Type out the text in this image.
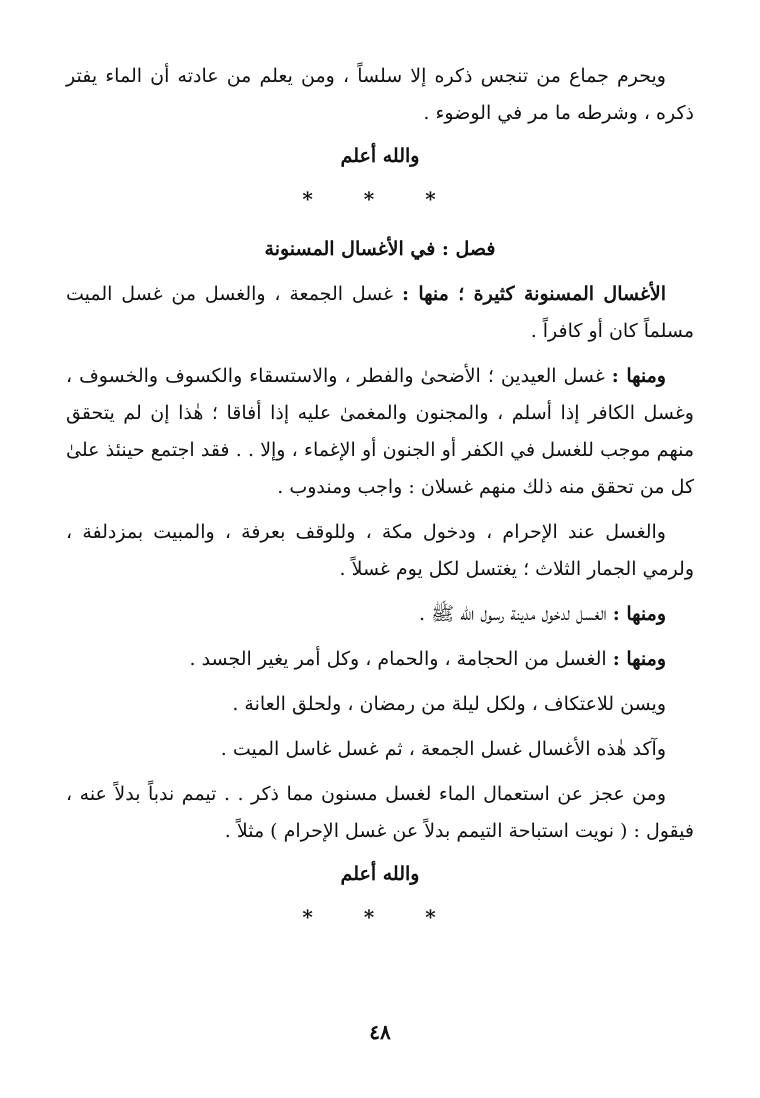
ويحرم جماع من تنجس ذكره إلا سلساً ، ومن يعلم من عادته أن الماء يفتر ذكره ، وشرطه ما مر في الوضوء .

والله أعلم

* * *

فصل : في الأغسال المسنونة

الأغسال المسنونة كثيرة ؛ منها : غسل الجمعة ، والغسل من غسل الميت مسلماً كان أو كافراً .

ومنها : غسل العيدين ؛ الأضحىٰ والفطر ، والاستسقاء والكسوف والخسوف ، وغسل الكافر إذا أسلم ، والمجنون والمغمىٰ عليه إذا أفاقا ؛ هٰذا إن لم يتحقق منهم موجب للغسل في الكفر أو الجنون أو الإغماء ، وإلا . . فقد اجتمع حينئذ علىٰ كل من تحقق منه ذلك منهم غسلان : واجب ومندوب .

والغسل عند الإحرام ، ودخول مكة ، وللوقف بعرفة ، والمبيت بمزدلفة ، ولرمي الجمار الثلاث ؛ يغتسل لكل يوم غسلاً .

ومنها : الغسل لدخول مدينة رسول الله ﷺ .

ومنها : الغسل من الحجامة ، والحمام ، وكل أمر يغير الجسد .

ويسن للاعتكاف ، ولكل ليلة من رمضان ، ولحلق العانة .

وآكد هٰذه الأغسال غسل الجمعة ، ثم غسل غاسل الميت .

ومن عجز عن استعمال الماء لغسل مسنون مما ذكر . . تيمم ندباً بدلاً عنه ، فيقول : ( نويت استباحة التيمم بدلاً عن غسل الإحرام ) مثلاً .

والله أعلم

* * *
٤٨
